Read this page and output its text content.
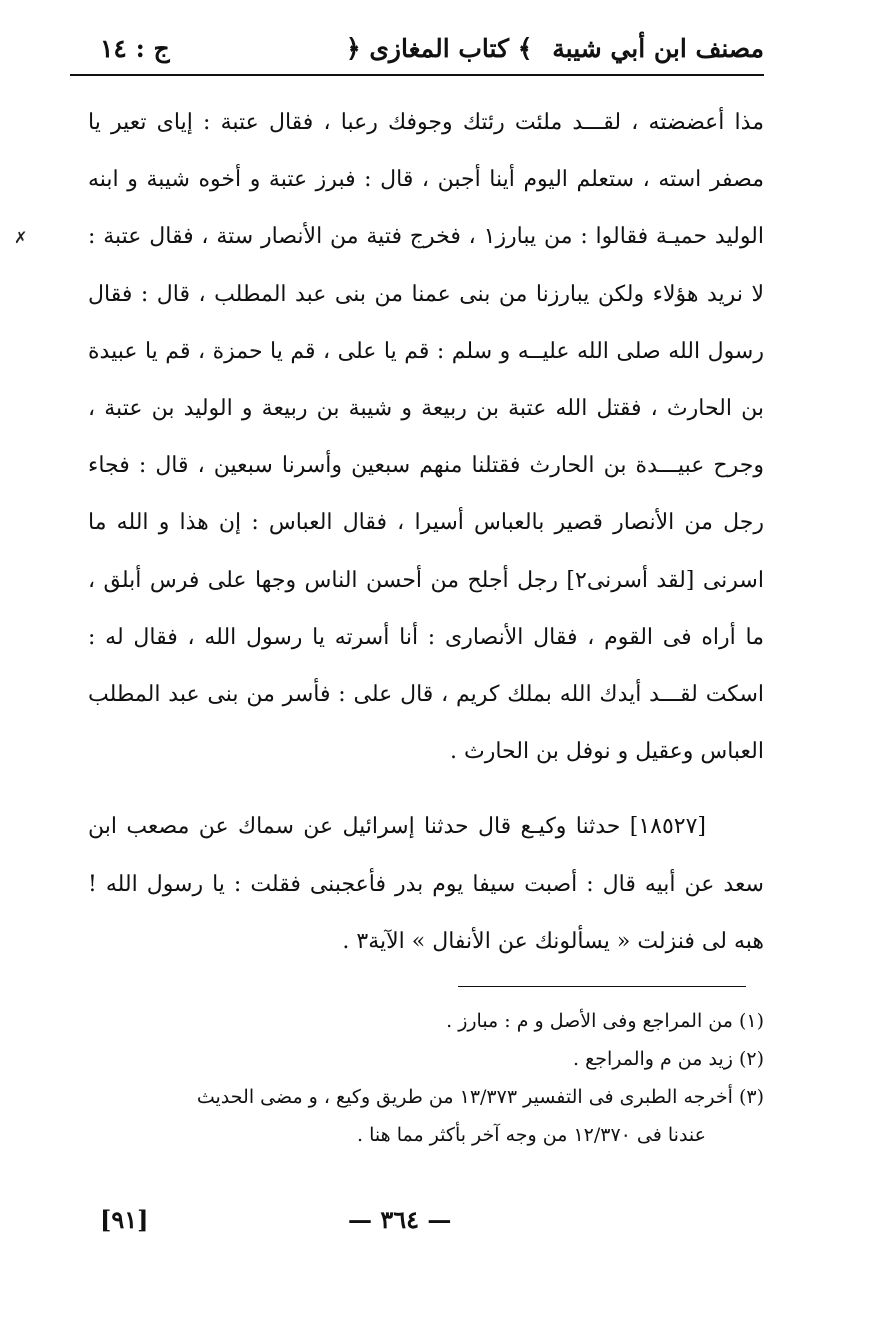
مصنف ابن أبي شيبة
﴿ كتاب المغازى ﴾
ج : ١٤

مذا أعضضته ، لقـــد ملئت رئتك وجوفك رعبا ، فقال عتبة : إياى تعير يا مصفر استه ، ستعلم اليوم أينا أجبن ، قال : فبرز عتبة و أخوه شيبة و ابنه الوليد حميـة فقالوا : من يبارز١ ، فخرج فتية من الأنصار ستة ، فقال عتبة : لا نريد هؤلاء ولكن يبارزنا من بنى عمنا من بنى عبد المطلب ، قال : فقال رسول الله صلى الله عليــه و سلم : قم يا على ، قم يا حمزة ، قم يا عبيدة بن الحارث ، فقتل الله عتبة بن ربيعة و شيبة بن ربيعة و الوليد بن عتبة ، وجرح عبيـــدة بن الحارث فقتلنا منهم سبعين وأسرنا سبعين ، قال : فجاء رجل من الأنصار قصير بالعباس أسيرا ، فقال العباس : إن هذا و الله ما اسرنى [لقد أسرنى٢] رجل أجلح من أحسن الناس وجها على فرس أبلق ، ما أراه فى القوم ، فقال الأنصارى : أنا أسرته يا رسول الله ، فقال له : اسكت لقـــد أيدك الله بملك كريم ، قال على : فأسر من بنى عبد المطلب العباس وعقيل و نوفل بن الحارث .

[١٨٥٢٧] حدثنا وكيـع قال حدثنا إسرائيل عن سماك عن مصعب ابن سعد عن أبيه قال : أصبت سيفا يوم بدر فأعجبنى فقلت : يا رسول الله ! هبه لى فنزلت « يسألونك عن الأنفال » الآية٣ .

(١) من المراجع وفى الأصل و م : مبارز .

(٢) زيد من م والمراجع .

(٣) أخرجه الطبرى فى التفسير ١٣/٣٧٣ من طريق وكيع ، و مضى الحديث

عندنا فى ١٢/٣٧٠ من وجه آخر بأكثر مما هنا .

— ٣٦٤ —
[٩١]
✗
